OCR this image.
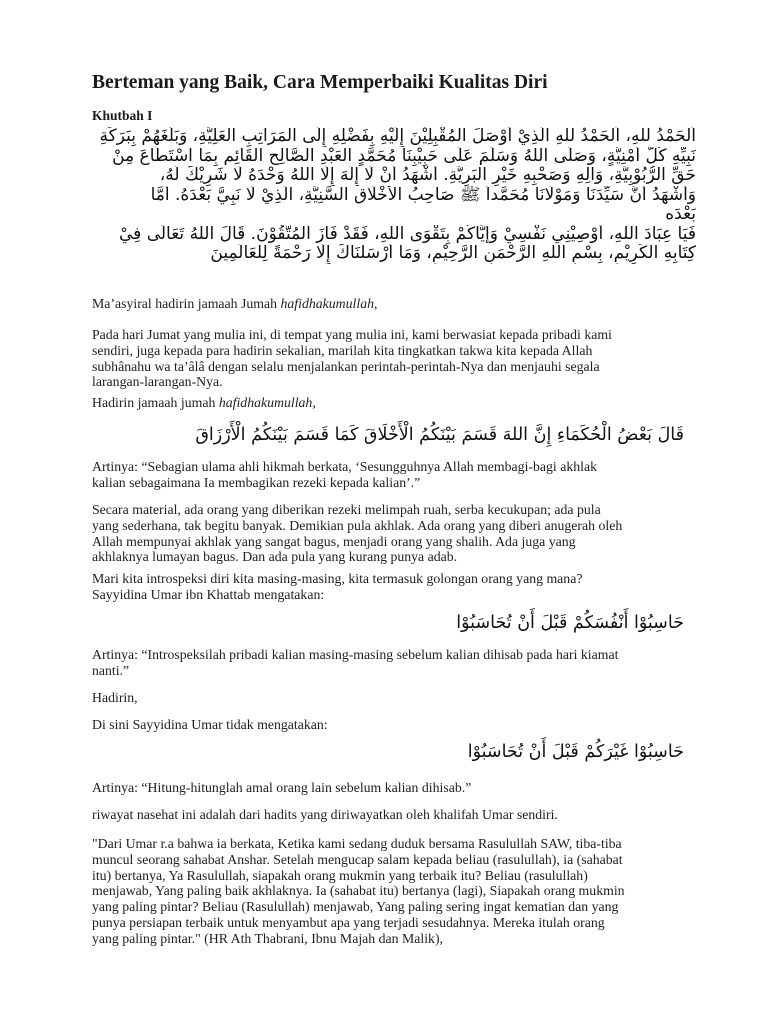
Berteman yang Baik, Cara Memperbaiki Kualitas Diri
Khutbah I
اَلْحَمْدُ للهِ، اَلْحَمْدُ للهِ الَّذِيْ أَوْصَلَ الْمُقْبِلِيْنَ إِلَيْهِ بِفَضْلِهِ إِلَى الْمَرَاتِبِ الْعَلِيَّةِ، وَبَلَّغَهُمْ بِبَرَكَةِ
نَبِيِّهِ كُلَّ أُمْنِيَّةٍ، وَصَلَّى اللهُ وَسَلَّمَ عَلَى حَبِيْبِنَا مُحَمَّدٍ الْعَبْدِ الصَّالِحِ الْقَائِمِ بِمَا اسْتَطَاعَ مِنْ
حَقِّ الرُّبُوْبِيَّةِ، وَآلِهِ وَصَحْبِهِ خَيْرِ الْبَرِيَّةِ. أَشْهَدُ أَنْ لَا إِلَهَ إِلَّا اللهُ وَحْدَهُ لَا شَرِيْكَ لَهُ،
وَأَشْهَدُ أَنَّ سَيِّدَنَا وَمَوْلَانَا مُحَمَّداً ﷺ صَاحِبُ الْأَخْلَاقِ السَّنِيَّةِ، الَّذِيْ لَا نَبِيَّ بَعْدَهُ. أَمَّا
بَعْدَه
فَيَا عِبَادَ اللهِ، أُوْصِيْنِي نَفْسِيْ وَإِيَّاكُمْ بِتَقْوَى اللهِ، فَقَدْ فَازَ الْمُتَّقُوْنَ. قَالَ اللهُ تَعَالَى فِيْ
كِتَابِهِ الْكَرِيْمِ، بِسْمِ اللهِ الرَّحْمَنِ الرَّحِيْمِ، وَمَا أَرْسَلْنَاكَ إِلَّا رَحْمَةً لِلْعَالَمِينَ
Ma’asyiral hadirin jamaah Jumah hafidhakumullah,
Pada hari Jumat yang mulia ini, di tempat yang mulia ini, kami berwasiat kepada pribadi kami
sendiri, juga kepada para hadirin sekalian, marilah kita tingkatkan takwa kita kepada Allah
subhânahu wa ta’âlâ dengan selalu menjalankan perintah-perintah-Nya dan menjauhi segala
larangan-larangan-Nya.
Hadirin jamaah jumah hafidhakumullah,
قَالَ بَعْضُ الْحُكَمَاءِ إِنَّ اللهَ قَسَمَ بَيْنَكُمُ الْأَخْلَاقَ كَمَا قَسَمَ بَيْنَكُمُ الْأَرْزَاقَ
Artinya: “Sebagian ulama ahli hikmah berkata, ‘Sesungguhnya Allah membagi-bagi akhlak
kalian sebagaimana Ia membagikan rezeki kepada kalian’.”
Secara material, ada orang yang diberikan rezeki melimpah ruah, serba kecukupan; ada pula
yang sederhana, tak begitu banyak. Demikian pula akhlak. Ada orang yang diberi anugerah oleh
Allah mempunyai akhlak yang sangat bagus, menjadi orang yang shalih. Ada juga yang
akhlaknya lumayan bagus. Dan ada pula yang kurang punya adab.
Mari kita introspeksi diri kita masing-masing, kita termasuk golongan orang yang mana?
Sayyidina Umar ibn Khattab mengatakan:
حَاسِبُوْا أَنْفُسَكُمْ قَبْلَ أَنْ تُحَاسَبُوْا
Artinya: “Introspeksilah pribadi kalian masing-masing sebelum kalian dihisab pada hari kiamat
nanti.”
Hadirin,
Di sini Sayyidina Umar tidak mengatakan:
حَاسِبُوْا غَيْرَكُمْ قَبْلَ أَنْ تُحَاسَبُوْا
Artinya: “Hitung-hitunglah amal orang lain sebelum kalian dihisab.”
riwayat nasehat ini adalah dari hadits yang diriwayatkan oleh khalifah Umar sendiri.
"Dari Umar r.a bahwa ia berkata, Ketika kami sedang duduk bersama Rasulullah SAW, tiba-tiba
muncul seorang sahabat Anshar. Setelah mengucap salam kepada beliau (rasulullah), ia (sahabat
itu) bertanya, Ya Rasulullah, siapakah orang mukmin yang terbaik itu? Beliau (rasulullah)
menjawab, Yang paling baik akhlaknya. Ia (sahabat itu) bertanya (lagi), Siapakah orang mukmin
yang paling pintar? Beliau (Rasulullah) menjawab, Yang paling sering ingat kematian dan yang
punya persiapan terbaik untuk menyambut apa yang terjadi sesudahnya. Mereka itulah orang
yang paling pintar." (HR Ath Thabrani, Ibnu Majah dan Malik),
